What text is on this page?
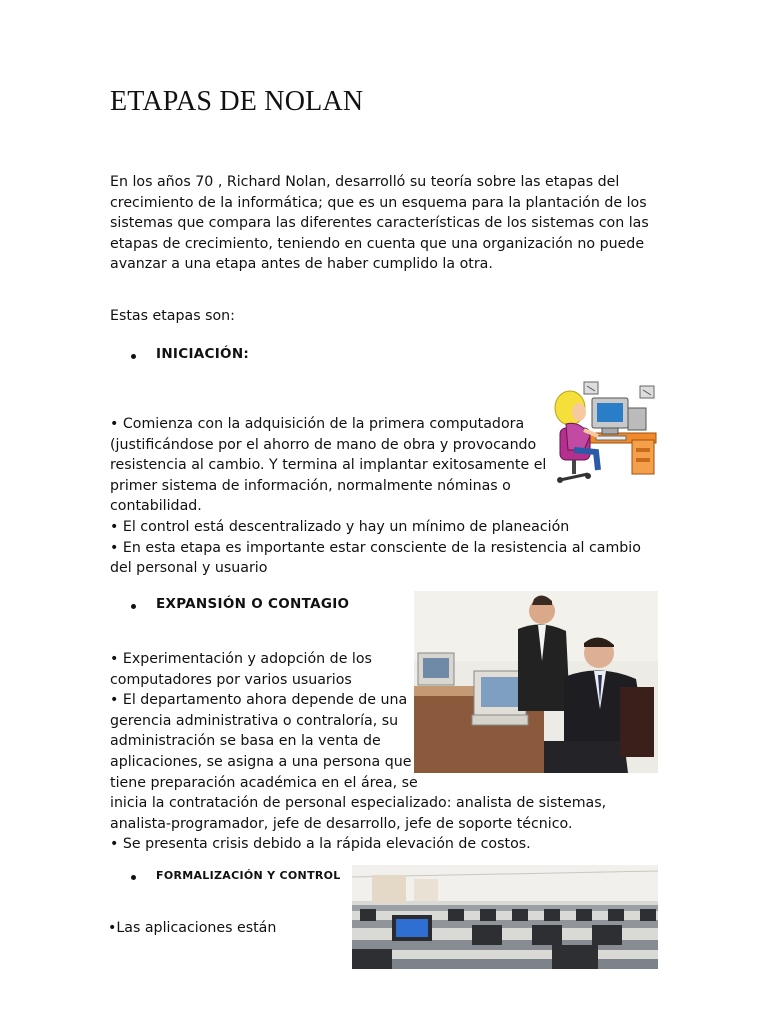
ETAPAS DE NOLAN
En los años 70 , Richard Nolan, desarrolló su teoría sobre las etapas del
crecimiento de la informática; que es un esquema para la plantación de los
sistemas que compara las diferentes características de los sistemas con las
etapas de crecimiento, teniendo en cuenta que una organización no puede
avanzar a una etapa antes de haber cumplido la otra.

Estas etapas son:

INICIACIÓN:

• Comienza con la adquisición de la primera computadora
(justificándose por el ahorro de mano de obra y provocando
resistencia al cambio. Y termina al implantar exitosamente el
primer sistema de información, normalmente nóminas o
contabilidad.
• El control está descentralizado y hay un mínimo de planeación
• En esta etapa es importante estar consciente de la resistencia al cambio
del personal y usuario

EXPANSIÓN O CONTAGIO

• Experimentación y adopción de los
computadores por varios usuarios
• El departamento ahora depende de una
gerencia administrativa o contraloría, su
administración se basa en la venta de
aplicaciones, se asigna a una persona que
tiene preparación académica en el área, se
inicia la contratación de personal especializado: analista de sistemas,
analista-programador, jefe de desarrollo, jefe de soporte técnico.
• Se presenta crisis debido a la rápida elevación de costos.

FORMALIZACIÓN Y CONTROL

•Las aplicaciones están
